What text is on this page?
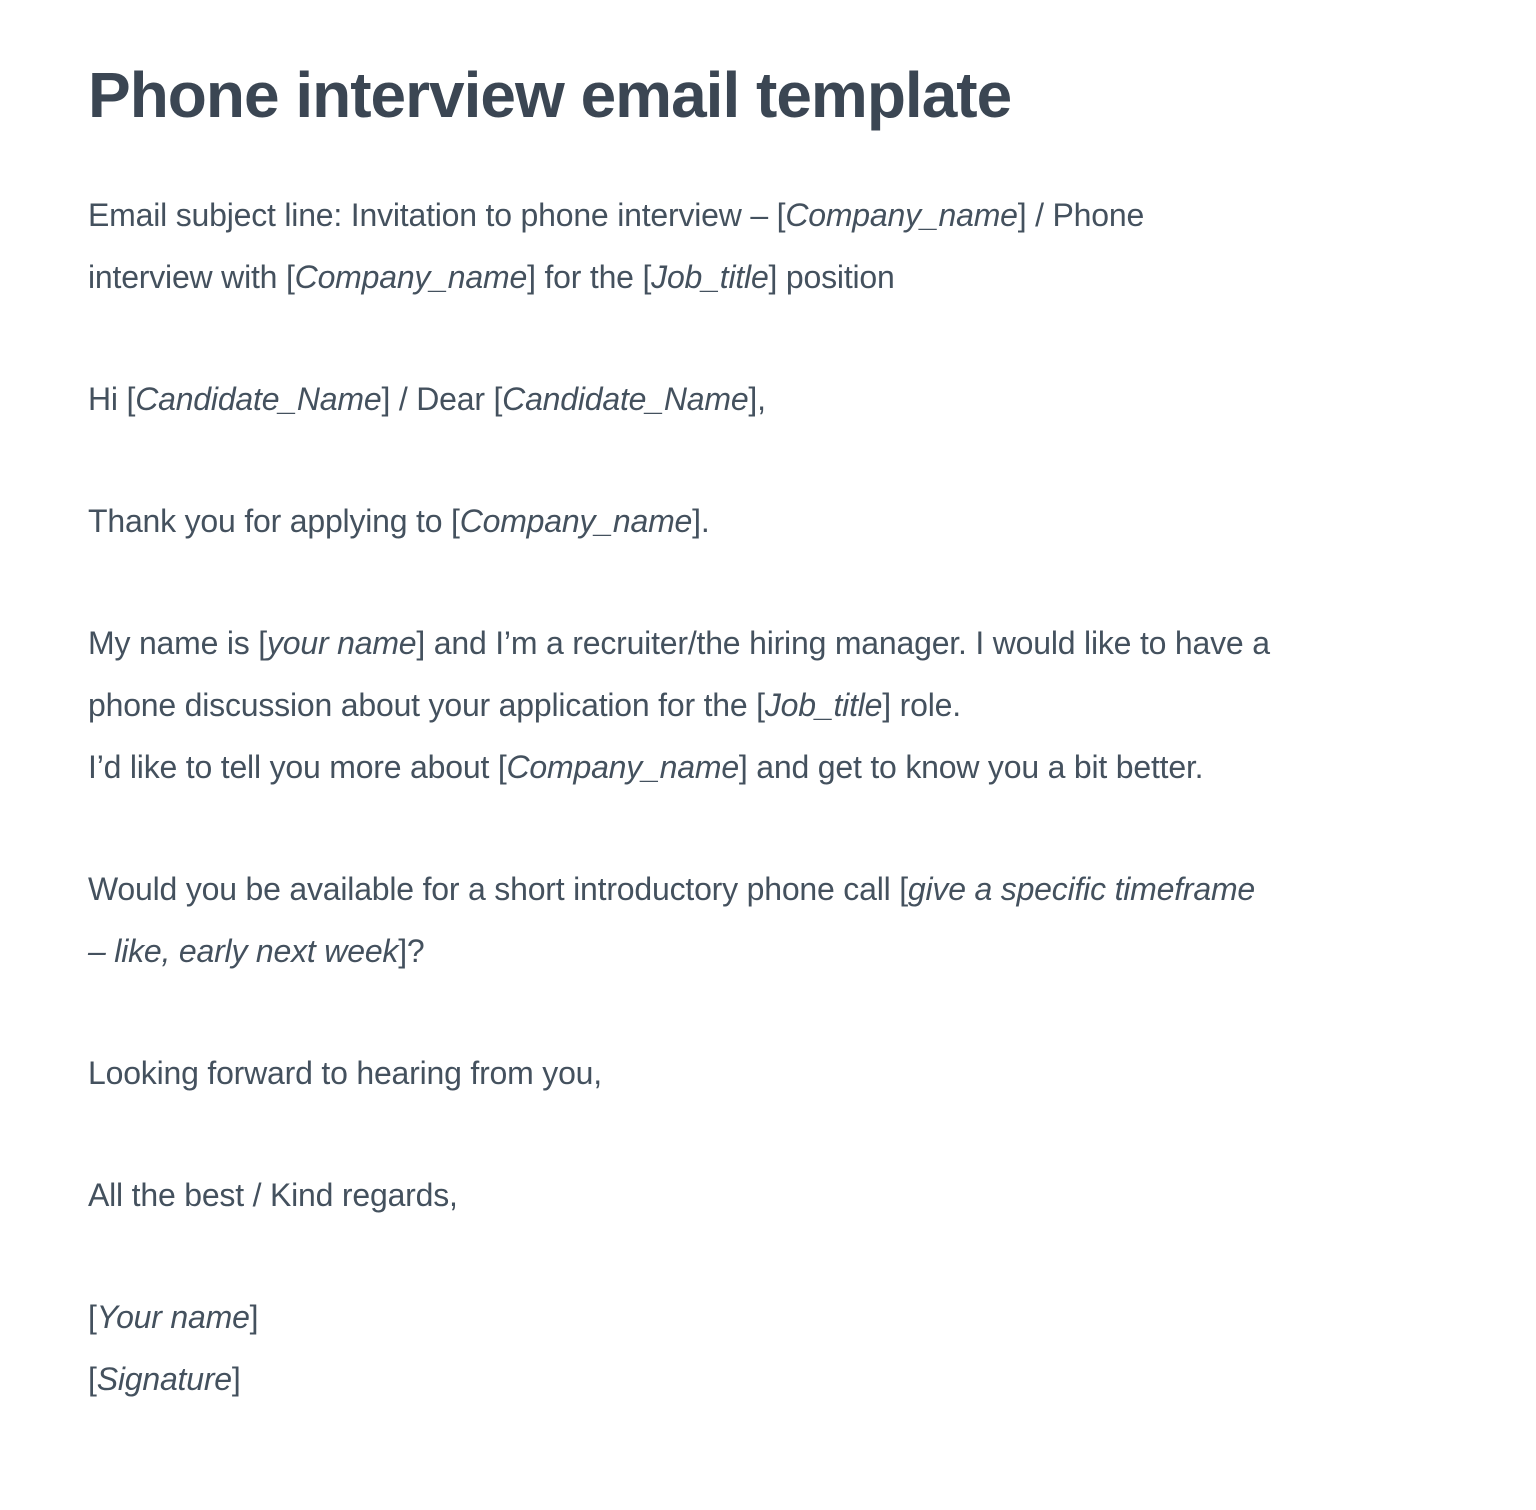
Phone interview email template

Email subject line: Invitation to phone interview – [Company_name] / Phone
interview with [Company_name] for the [Job_title] position

Hi [Candidate_Name] / Dear [Candidate_Name],

Thank you for applying to [Company_name].

My name is [your name] and I’m a recruiter/the hiring manager. I would like to have a
phone discussion about your application for the [Job_title] role.
I’d like to tell you more about [Company_name] and get to know you a bit better.

Would you be available for a short introductory phone call [give a specific timeframe
– like, early next week]?

Looking forward to hearing from you,

All the best / Kind regards,

[Your name]
[Signature]
